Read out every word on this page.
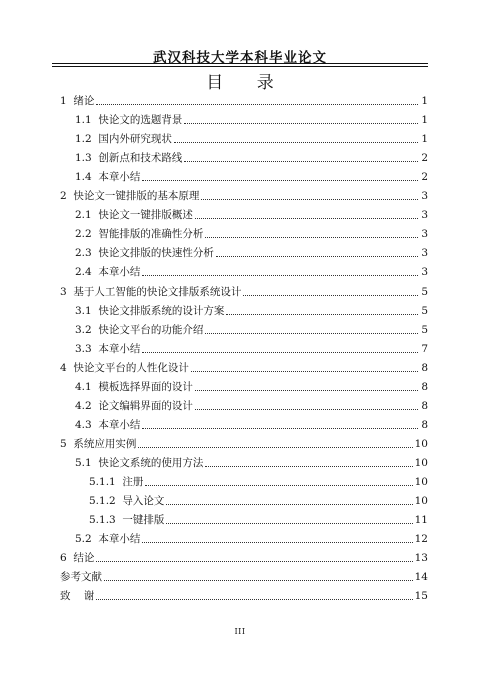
武汉科技大学本科毕业论文
目 录
1  绪论	1
1.1  快论文的选题背景	1
1.2  国内外研究现状	1
1.3  创新点和技术路线	2
1.4  本章小结	2
2  快论文一键排版的基本原理	3
2.1  快论文一键排版概述	3
2.2  智能排版的准确性分析	3
2.3  快论文排版的快速性分析	3
2.4  本章小结	3
3  基于人工智能的快论文排版系统设计	5
3.1  快论文排版系统的设计方案	5
3.2  快论文平台的功能介绍	5
3.3  本章小结	7
4  快论文平台的人性化设计	8
4.1  模板选择界面的设计	8
4.2  论文编辑界面的设计	8
4.3  本章小结	8
5  系统应用实例	10
5.1  快论文系统的使用方法	10
5.1.1  注册	10
5.1.2  导入论文	10
5.1.3  一键排版	11
5.2  本章小结	12
6  结论	13
参考文献	14
致    谢	15
III
